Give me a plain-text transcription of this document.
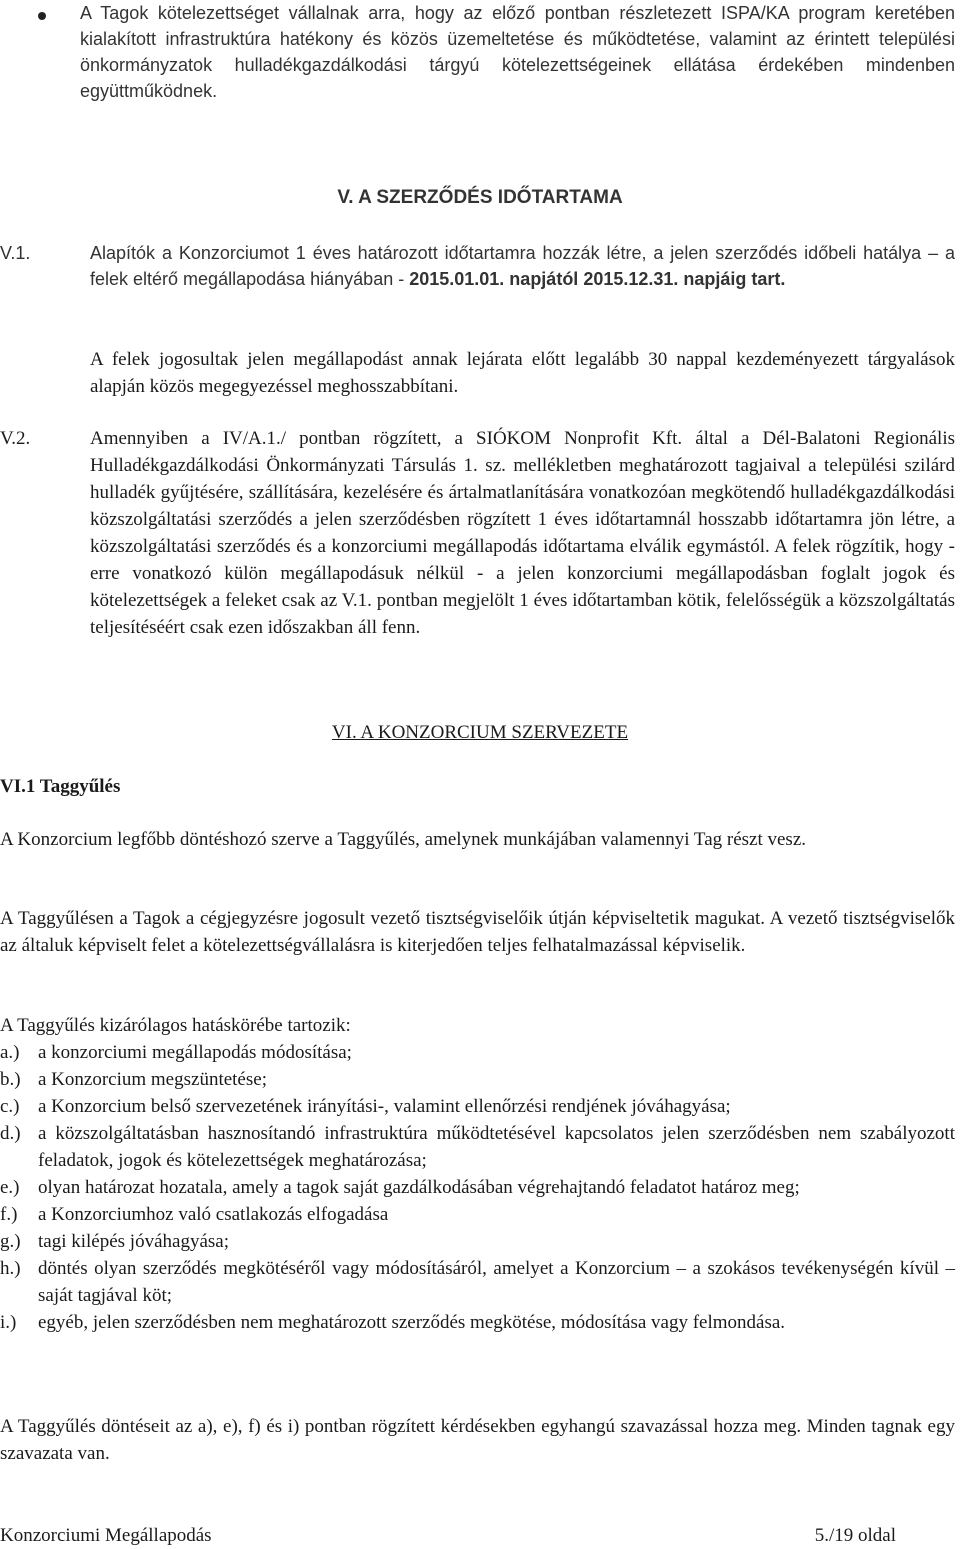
A Tagok kötelezettséget vállalnak arra, hogy az előző pontban részletezett ISPA/KA program keretében kialakított infrastruktúra hatékony és közös üzemeltetése és működtetése, valamint az érintett települési önkormányzatok hulladékgazdálkodási tárgyú kötelezettségeinek ellátása érdekében mindenben együttműködnek.
V. A SZERZŐDÉS IDŐTARTAMA
V.1.	Alapítók a Konzorciumot 1 éves határozott időtartamra hozzák létre, a jelen szerződés időbeli hatálya – a felek eltérő megállapodása hiányában - 2015.01.01. napjától 2015.12.31. napjáig tart.
A felek jogosultak jelen megállapodást annak lejárata előtt legalább 30 nappal kezdeményezett tárgyalások alapján közös megegyezéssel meghosszabbítani.
V.2.	Amennyiben a IV/A.1./ pontban rögzített, a SIÓKOM Nonprofit Kft. által a Dél-Balatoni Regionális Hulladékgazdálkodási Önkormányzati Társulás 1. sz. mellékletben meghatározott tagjaival a települési szilárd hulladék gyűjtésére, szállítására, kezelésére és ártalmatlanítására vonatkozóan megkötendő hulladékgazdálkodási közszolgáltatási szerződés a jelen szerződésben rögzített 1 éves időtartamnál hosszabb időtartamra jön létre, a közszolgáltatási szerződés és a konzorciumi megállapodás időtartama elválik egymástól. A felek rögzítik, hogy - erre vonatkozó külön megállapodásuk nélkül - a jelen konzorciumi megállapodásban foglalt jogok és kötelezettségek a feleket csak az V.1. pontban megjelölt 1 éves időtartamban kötik, felelősségük a közszolgáltatás teljesítéséért csak ezen időszakban áll fenn.
VI. A KONZORCIUM SZERVEZETE
VI.1 Taggyűlés
A Konzorcium legfőbb döntéshozó szerve a Taggyűlés, amelynek munkájában valamennyi Tag részt vesz.
A Taggyűlésen a Tagok a cégjegyzésre jogosult vezető tisztségviselőik útján képviseltetik magukat. A vezető tisztségviselők az általuk képviselt felet a kötelezettségvállalásra is kiterjedően teljes felhatalmazással képviselik.
A Taggyűlés kizárólagos hatáskörébe tartozik:
a.) a konzorciumi megállapodás módosítása;
b.) a Konzorcium megszüntetése;
c.) a Konzorcium belső szervezetének irányítási-, valamint ellenőrzési rendjének jóváhagyása;
d.) a közszolgáltatásban hasznosítandó infrastruktúra működtetésével kapcsolatos jelen szerződésben nem szabályozott feladatok, jogok és kötelezettségek meghatározása;
e.) olyan határozat hozatala, amely a tagok saját gazdálkodásában végrehajtandó feladatot határoz meg;
f.) a Konzorciumhoz való csatlakozás elfogadása
g.) tagi kilépés jóváhagyása;
h.) döntés olyan szerződés megkötéséről vagy módosításáról, amelyet a Konzorcium – a szokásos tevékenységén kívül – saját tagjával köt;
i.) egyéb, jelen szerződésben nem meghatározott szerződés megkötése, módosítása vagy felmondása.
A Taggyűlés döntéseit az a), e), f) és i) pontban rögzített kérdésekben egyhangú szavazással hozza meg. Minden tagnak egy szavazata van.
Konzorciumi Megállapodás	5./19 oldal
